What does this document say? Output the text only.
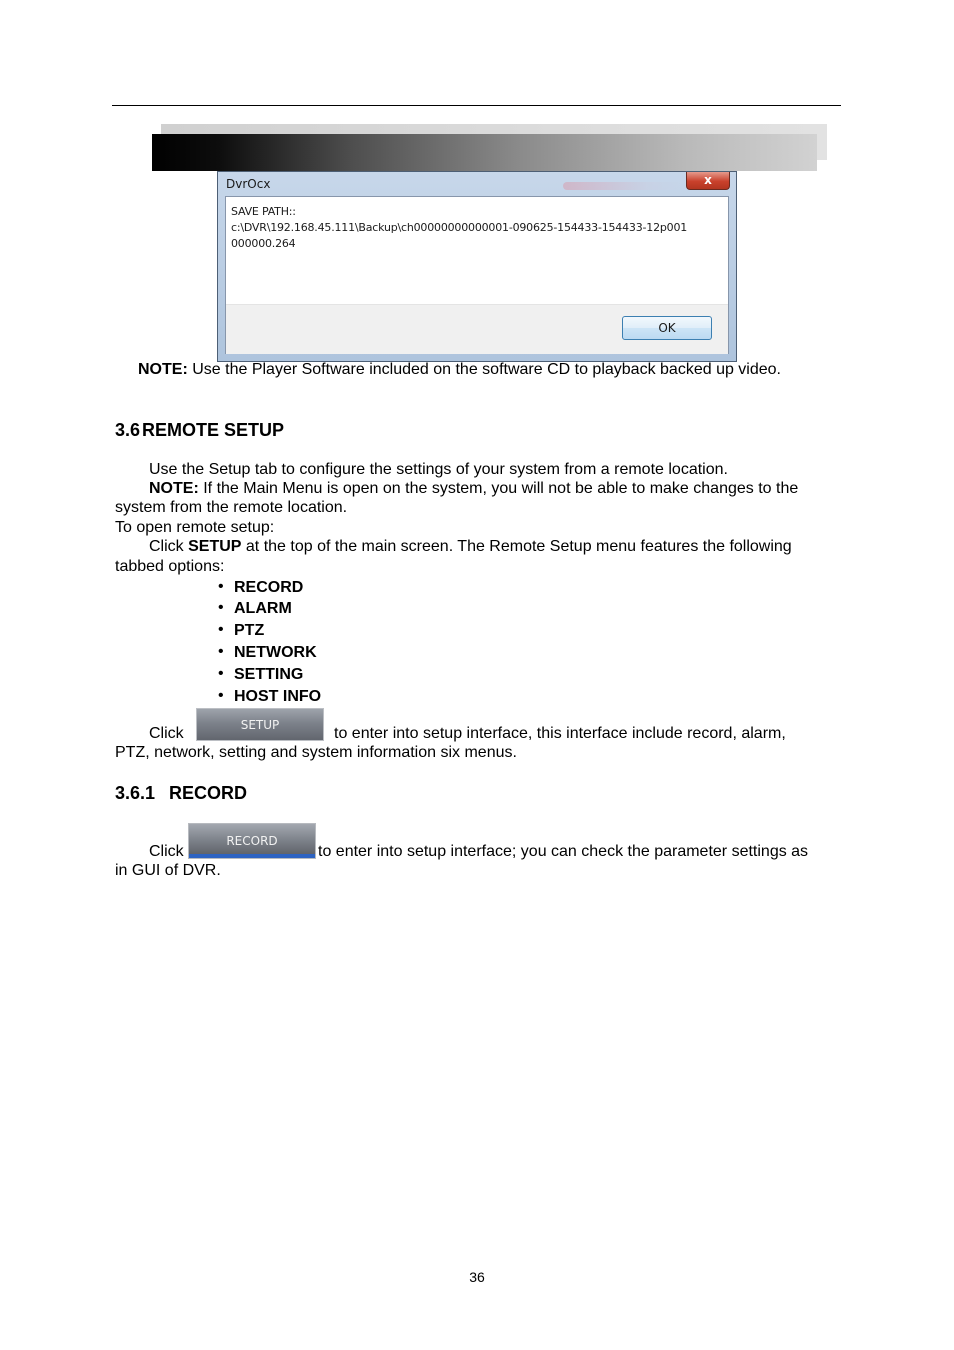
DvrOcx	x
SAVE PATH::
c:\DVR\192.168.45.111\Backup\ch00000000000001-090625-154433-154433-12p001
000000.264
OK
NOTE: Use the Player Software included on the software CD to playback backed up video.
3.6 REMOTE SETUP
Use the Setup tab to configure the settings of your system from a remote location.
NOTE: If the Main Menu is open on the system, you will not be able to make changes to the
system from the remote location.
To open remote setup:
Click SETUP at the top of the main screen. The Remote Setup menu features the following
tabbed options:
• RECORD
• ALARM
• PTZ
• NETWORK
• SETTING
• HOST INFO
Click
SETUP
to enter into setup interface, this interface include record, alarm,
PTZ, network, setting and system information six menus.
3.6.1 RECORD
Click
RECORD
to enter into setup interface; you can check the parameter settings as
in GUI of DVR.
36
